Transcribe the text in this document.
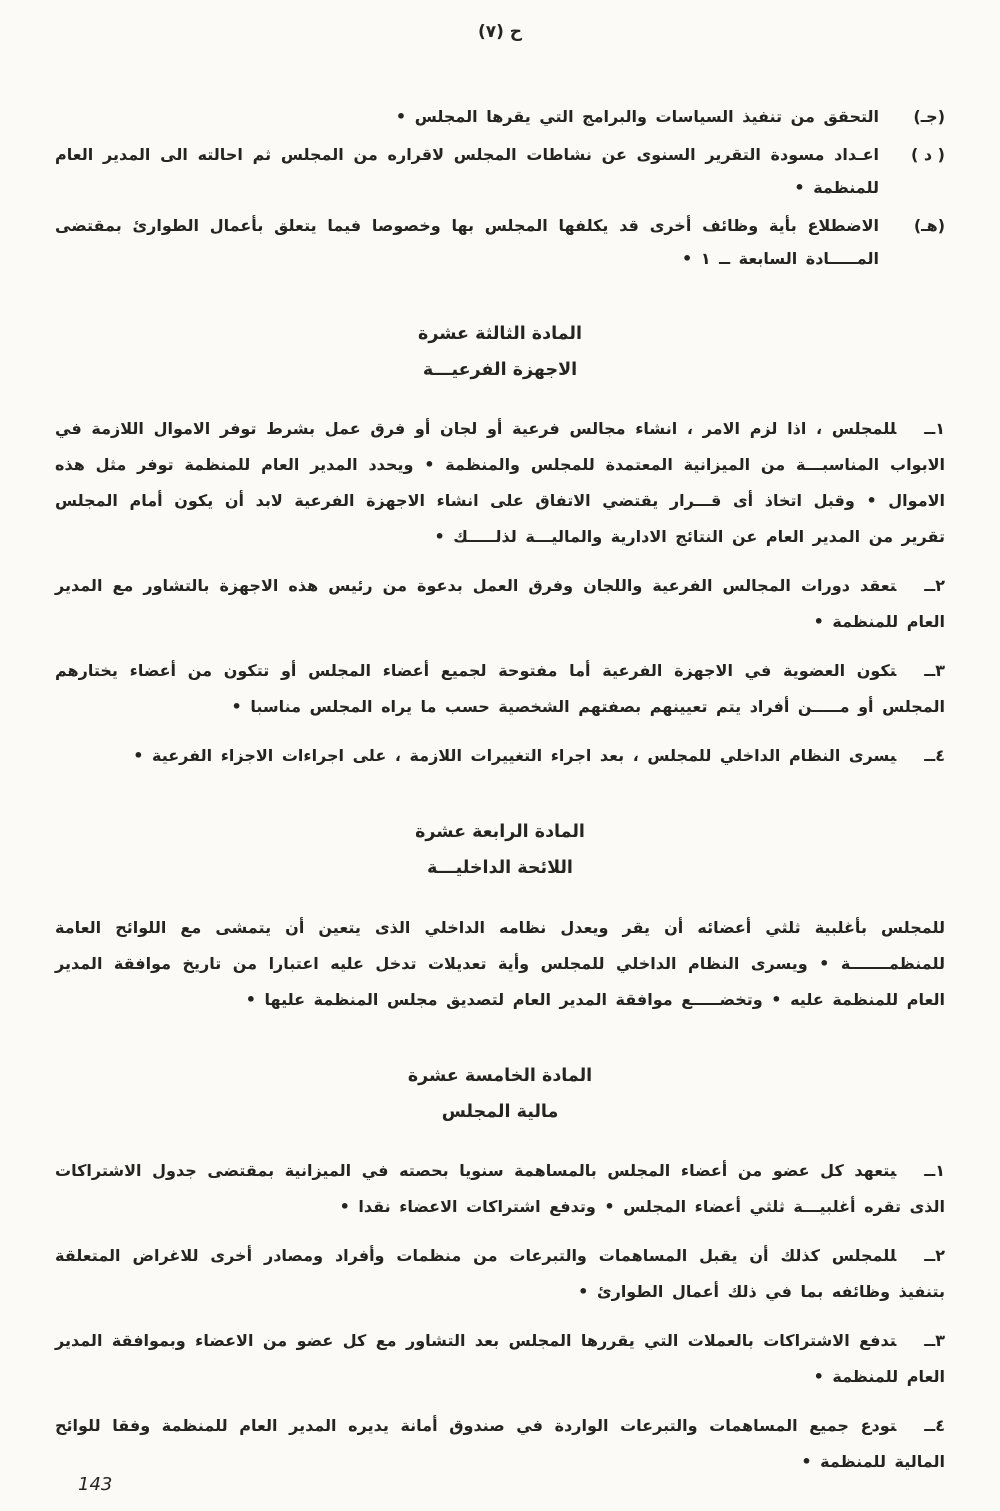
ح (٧)
(جـ)
التحقق من تنفيذ السياسات والبرامج التي يقرها المجلس •
( د )
اعـداد مسودة التقرير السنوى عن نشاطات المجلس لاقراره من المجلس ثم احالته الى المدير العام للمنظمة •
(هـ)
الاضطلاع بأية وظائف أخرى قد يكلفها المجلس بها وخصوصا فيما يتعلق بأعمال الطوارئ بمقتضى المـــــادة السابعة ــ ١ •
المادة الثالثة عشرة
الاجهزة الفرعيـــة

١ــللمجلس ، اذا لزم الامر ، انشاء مجالس فرعية أو لجان أو فرق عمل بشرط توفر الاموال اللازمة في الابواب المناسبـــة من الميزانية المعتمدة للمجلس والمنظمة • ويحدد المدير العام للمنظمة توفر مثل هذه الاموال • وقبل اتخاذ أى قـــرار يقتضي الاتفاق على انشاء الاجهزة الفرعية لابد أن يكون أمام المجلس تقرير من المدير العام عن النتائج الادارية والماليـــة لذلـــــك •

٢ــتعقد دورات المجالس الفرعية واللجان وفرق العمل بدعوة من رئيس هذه الاجهزة بالتشاور مع المدير العام للمنظمة •

٣ــتكون العضوية في الاجهزة الفرعية أما مفتوحة لجميع أعضاء المجلس أو تتكون من أعضاء يختارهم المجلس أو مـــــن أفراد يتم تعيينهم بصفتهم الشخصية حسب ما يراه المجلس مناسبا •

٤ــيسرى النظام الداخلي للمجلس ، بعد اجراء التغييرات اللازمة ، على اجراءات الاجزاء الفرعية •

المادة الرابعة عشرة
اللائحة الداخليـــة

للمجلس بأغلبية ثلثي أعضائه أن يقر ويعدل نظامه الداخلي الذى يتعين أن يتمشى مع اللوائح العامة للمنظمـــــــة • ويسرى النظام الداخلي للمجلس وأية تعديلات تدخل عليه اعتبارا من تاريخ موافقة المدير العام للمنظمة عليه • وتخضـــــع موافقة المدير العام لتصديق مجلس المنظمة عليها •

المادة الخامسة عشرة
مالية المجلس

١ــيتعهد كل عضو من أعضاء المجلس بالمساهمة سنويا بحصته في الميزانية بمقتضى جدول الاشتراكات الذى تقره أغلبيـــة ثلثي أعضاء المجلس • وتدفع اشتراكات الاعضاء نقدا •

٢ــللمجلس كذلك أن يقبل المساهمات والتبرعات من منظمات وأفراد ومصادر أخرى للاغراض المتعلقة بتنفيذ وظائفه بما في ذلك أعمال الطوارئ •

٣ــتدفع الاشتراكات بالعملات التي يقررها المجلس بعد التشاور مع كل عضو من الاعضاء وبموافقة المدير العام للمنظمة •

٤ــتودع جميع المساهمات والتبرعات الواردة في صندوق أمانة يديره المدير العام للمنظمة وفقا للوائح المالية للمنظمة •

143
